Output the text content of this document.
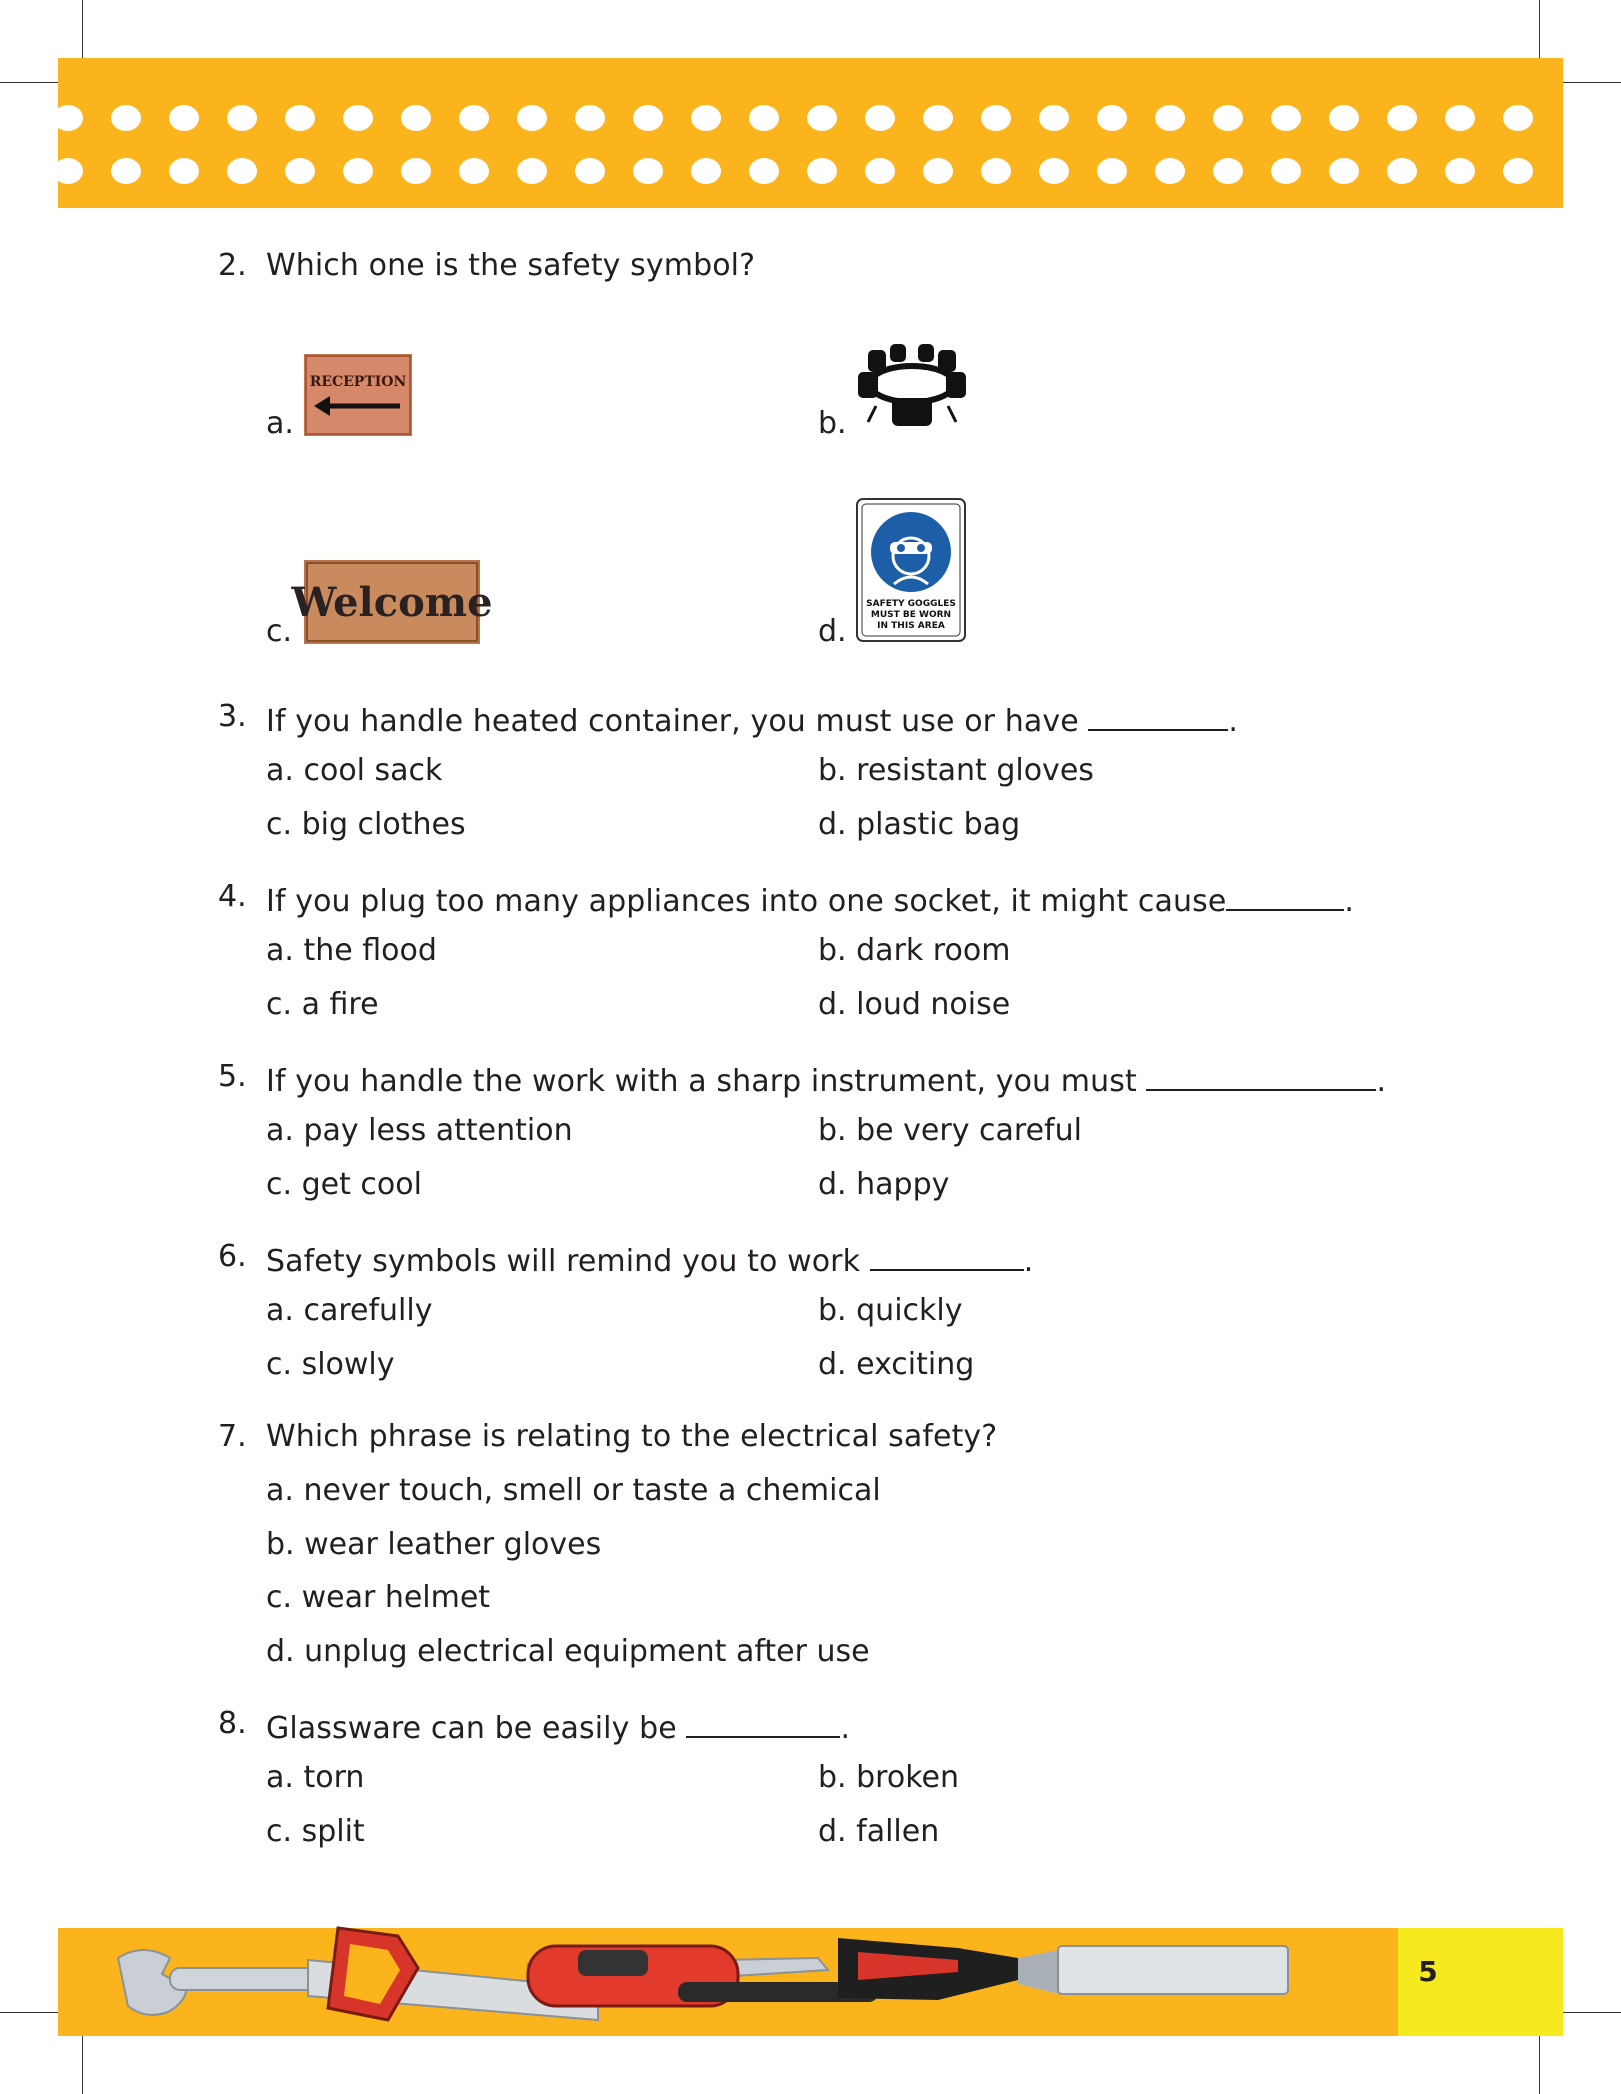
2. Which one is the safety symbol?
a.
RECEPTION
b.
c.
Welcome
d.
SAFETY GOGGLES
MUST BE WORN
IN THIS AREA
3. If you handle heated container, you must use or have	.
a. cool sack	b. resistant gloves
c. big clothes	d. plastic bag
4. If you plug too many appliances into one socket, it might cause	.
a. the flood	b. dark room
c. a fire	d. loud noise
5. If you handle the work with a sharp instrument, you must	.
a. pay less attention	b. be very careful
c. get cool	d. happy
6. Safety symbols will remind you to work	.
a. carefully	b. quickly
c. slowly	d. exciting
7. Which phrase is relating to the electrical safety?
a. never touch, smell or taste a chemical
b. wear leather gloves
c. wear helmet
d. unplug electrical equipment after use
8. Glassware can be easily be	.
a. torn	b. broken
c. split	d. fallen
5
